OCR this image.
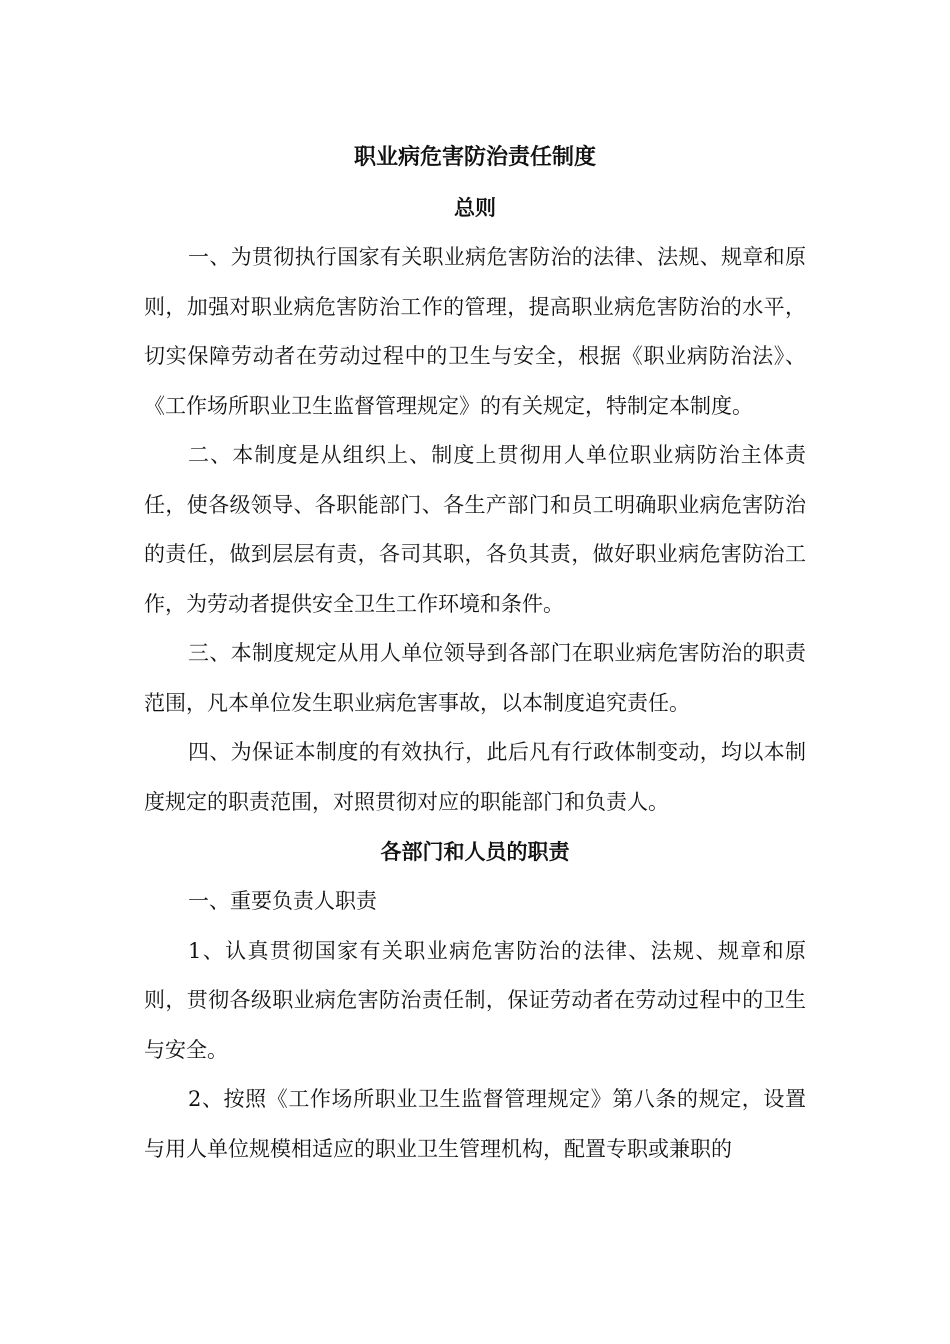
职业病危害防治责任制度
总则

一、为贯彻执行国家有关职业病危害防治的法律、法规、规章和原则，加强对职业病危害防治工作的管理，提高职业病危害防治的水平，切实保障劳动者在劳动过程中的卫生与安全，根据《职业病防治法》、《工作场所职业卫生监督管理规定》的有关规定，特制定本制度。

二、本制度是从组织上、制度上贯彻用人单位职业病防治主体责任，使各级领导、各职能部门、各生产部门和员工明确职业病危害防治的责任，做到层层有责，各司其职，各负其责，做好职业病危害防治工作，为劳动者提供安全卫生工作环境和条件。

三、本制度规定从用人单位领导到各部门在职业病危害防治的职责范围，凡本单位发生职业病危害事故，以本制度追究责任。

四、为保证本制度的有效执行，此后凡有行政体制变动，均以本制度规定的职责范围，对照贯彻对应的职能部门和负责人。

各部门和人员的职责

一、重要负责人职责

1、认真贯彻国家有关职业病危害防治的法律、法规、规章和原则，贯彻各级职业病危害防治责任制，保证劳动者在劳动过程中的卫生与安全。

2、按照《工作场所职业卫生监督管理规定》第八条的规定，设置与用人单位规模相适应的职业卫生管理机构，配置专职或兼职的
